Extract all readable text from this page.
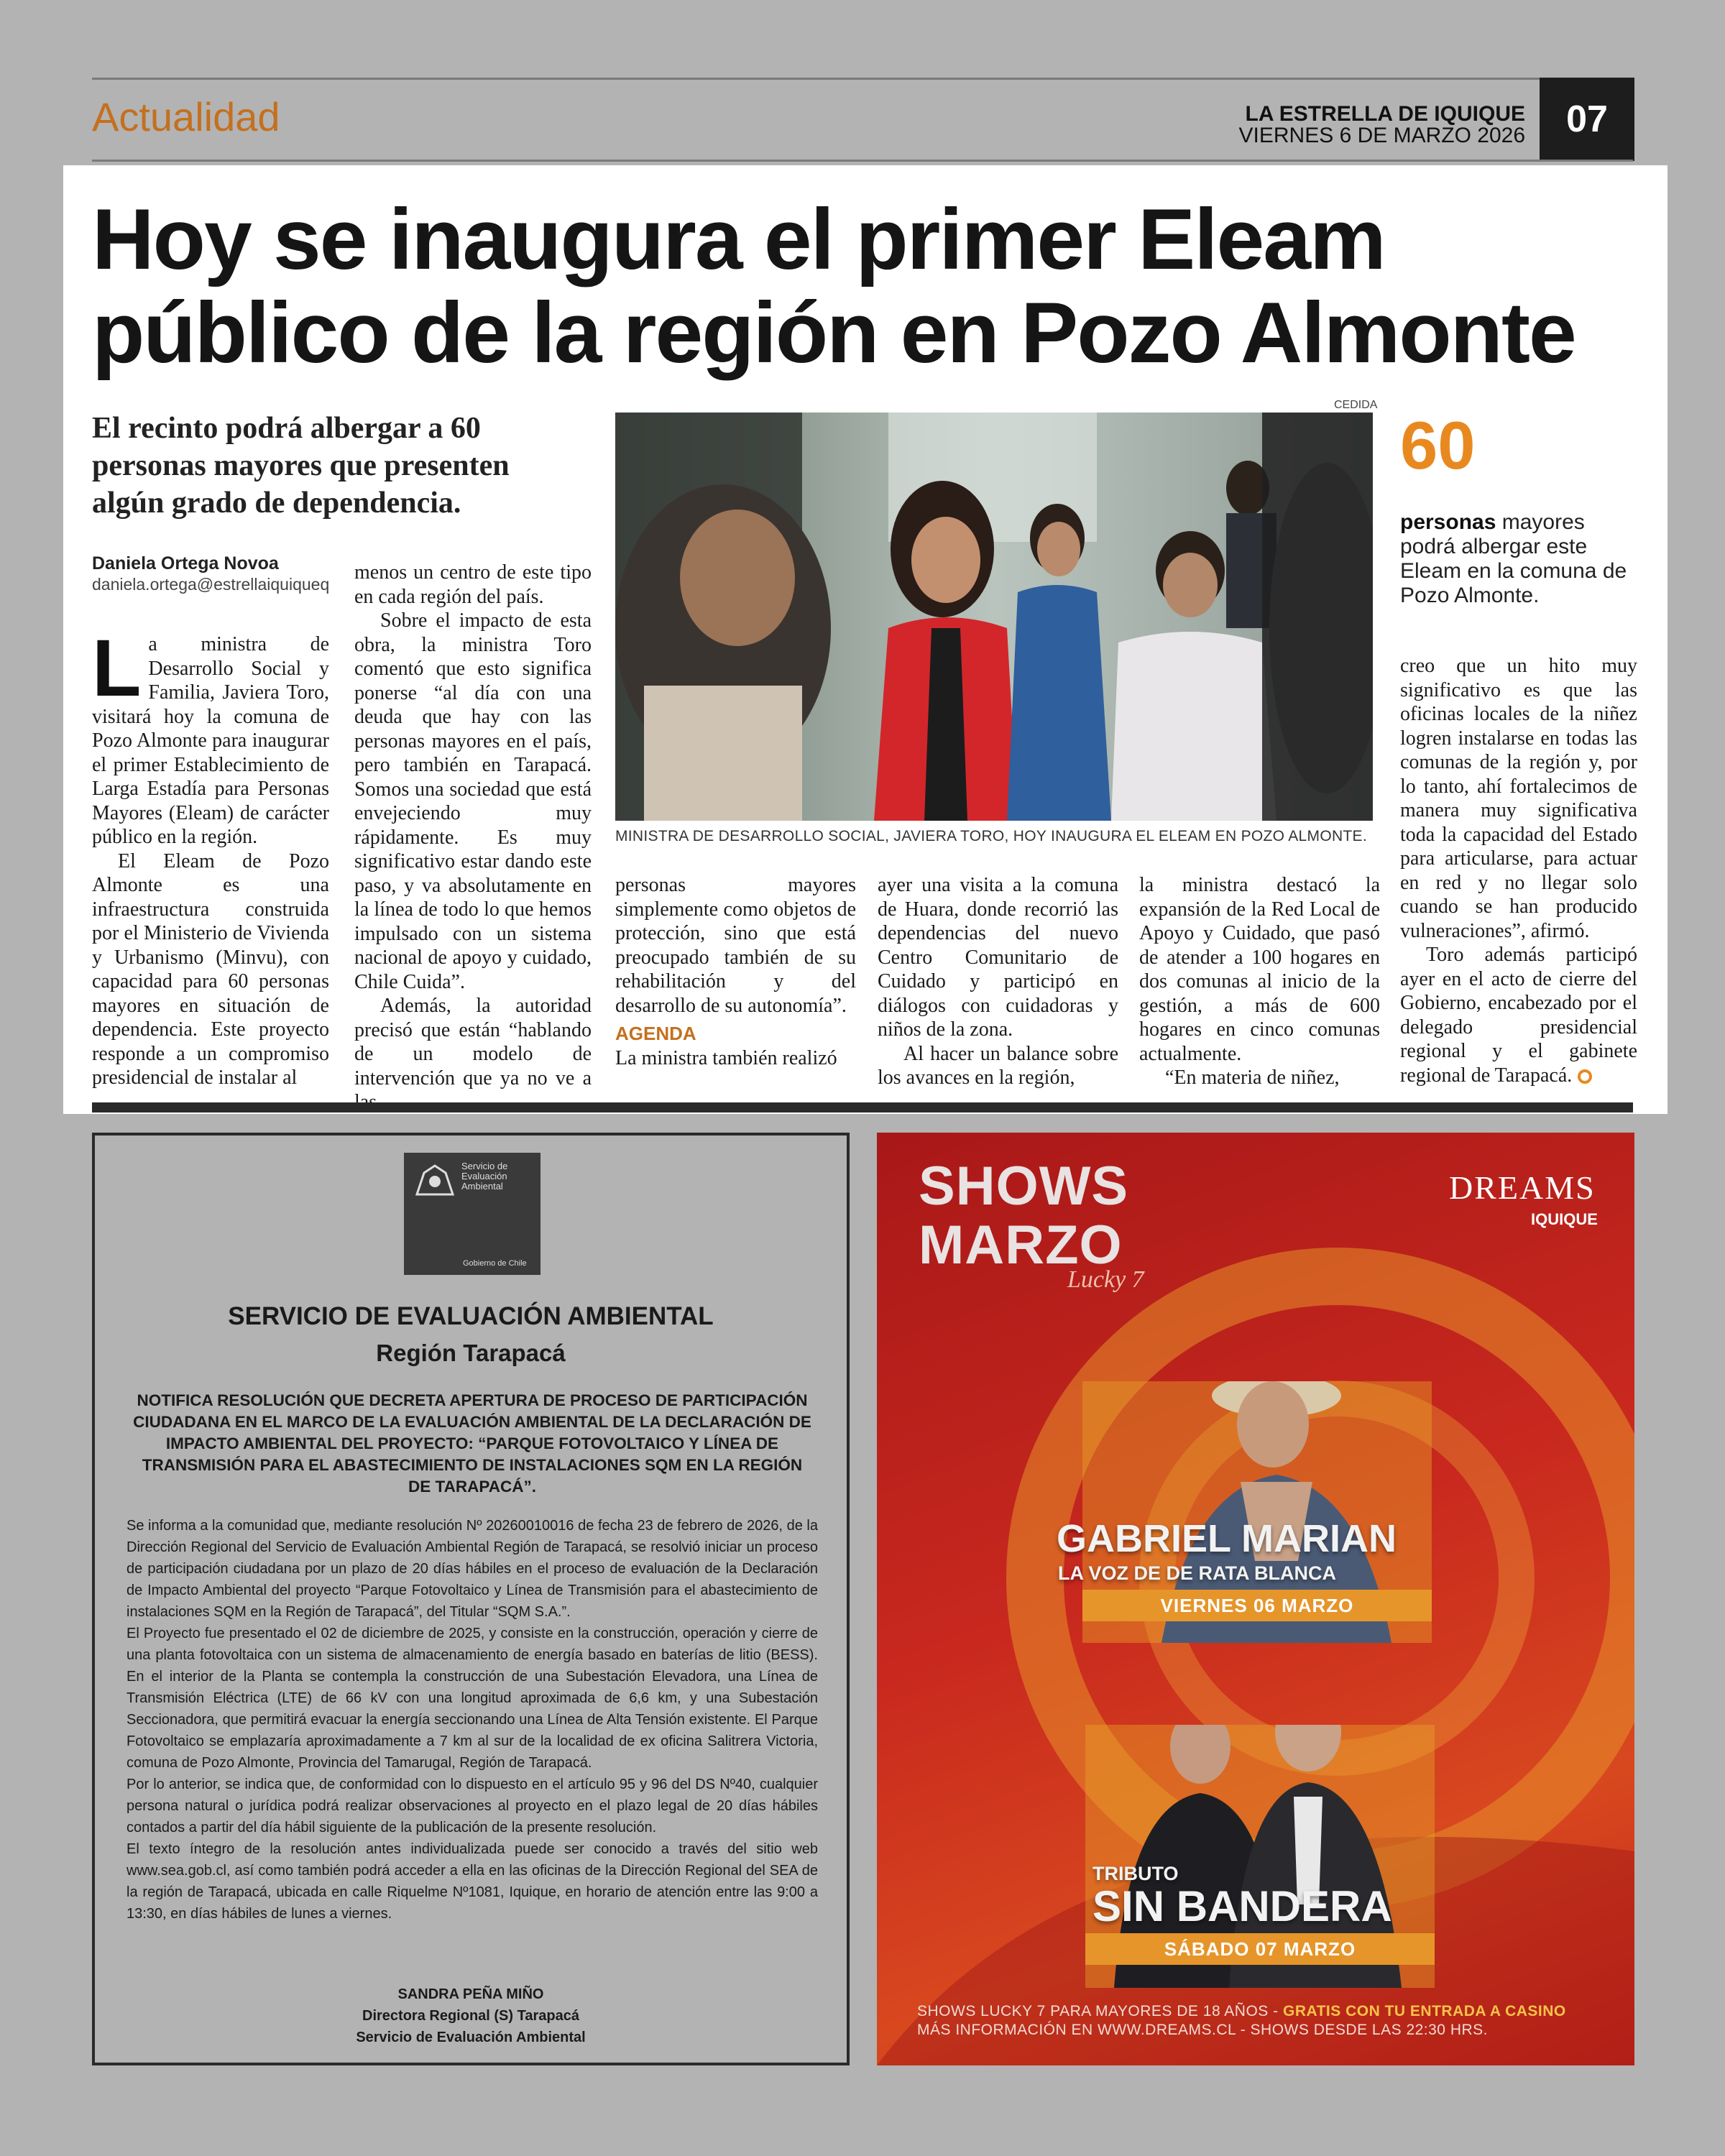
Actualidad	LA ESTRELLA DE IQUIQUE
VIERNES 6 DE MARZO 2026	07
Hoy se inaugura el primer Eleam
público de la región en Pozo Almonte
El recinto podrá albergar a 60 personas mayores que presenten algún grado de dependencia.
Daniela Ortega Novoa
daniela.ortega@estrellaiquiqueq

La ministra de Desarrollo Social y Familia, Javiera Toro, visitará hoy la comuna de Pozo Almonte para inaugurar el primer Establecimiento de Larga Estadía para Personas Mayores (Eleam) de carácter público en la región.

El Eleam de Pozo Almonte es una infraestructura construida por el Ministerio de Vivienda y Urbanismo (Minvu), con capacidad para 60 personas mayores en situación de dependencia. Este proyecto responde a un compromiso presidencial de instalar al

menos un centro de este tipo en cada región del país.

Sobre el impacto de esta obra, la ministra Toro comentó que esto significa ponerse “al día con una deuda que hay con las personas mayores en el país, pero también en Tarapacá. Somos una sociedad que está envejeciendo muy rápidamente. Es muy significativo estar dando este paso, y va absolutamente en la línea de todo lo que hemos impulsado con un sistema nacional de apoyo y cuidado, Chile Cuida”.

Además, la autoridad precisó que están “hablando de un modelo de intervención que ya no ve a

CEDIDA
MINISTRA DE DESARROLLO SOCIAL, JAVIERA TORO, HOY INAUGURA EL ELEAM EN POZO ALMONTE.

personas mayores simplemente como objetos de protección, sino que está preocupado también de su rehabilitación y del desarrollo de su autonomía”.

AGENDA

La ministra también realizó

ayer una visita a la comuna de Huara, donde recorrió las dependencias del nuevo Centro Comunitario de Cuidado y participó en diálogos con cuidadoras y niños de la zona.

Al hacer un balance sobre los avances en la región,

la ministra destacó la expansión de la Red Local de Apoyo y Cuidado, que pasó de atender a 100 hogares en dos comunas al inicio de la gestión, a más de 600 hogares en cinco comunas actualmente.

“En materia de niñez,

60
personas mayores podrá albergar este Eleam en la comuna de Pozo Almonte.

creo que un hito muy significativo es que las oficinas locales de la niñez logren instalarse en todas las comunas de la región y, por lo tanto, ahí fortalecimos de manera muy significativa toda la capacidad del Estado para articularse, para actuar en red y no llegar solo cuando se han producido vulneraciones”, afirmó.

Toro además participó ayer en el acto de cierre del Gobierno, encabezado por el delegado presidencial regional y el gabinete regional de Tarapacá.

Servicio de Evaluación Ambiental
Gobierno de Chile
SERVICIO DE EVALUACIÓN AMBIENTAL
Región Tarapacá
NOTIFICA RESOLUCIÓN QUE DECRETA APERTURA DE PROCESO DE PARTICIPACIÓN CIUDADANA EN EL MARCO DE LA EVALUACIÓN AMBIENTAL DE LA DECLARACIÓN DE IMPACTO AMBIENTAL DEL PROYECTO: “PARQUE FOTOVOLTAICO Y LÍNEA DE TRANSMISIÓN PARA EL ABASTECIMIENTO DE INSTALACIONES SQM EN LA REGIÓN DE TARAPACÁ”.

Se informa a la comunidad que, mediante resolución Nº 20260010016 de fecha 23 de febrero de 2026, de la Dirección Regional del Servicio de Evaluación Ambiental Región de Tarapacá, se resolvió iniciar un proceso de participación ciudadana por un plazo de 20 días hábiles en el proceso de evaluación de la Declaración de Impacto Ambiental del proyecto “Parque Fotovoltaico y Línea de Transmisión para el abastecimiento de instalaciones SQM en la Región de Tarapacá”, del Titular “SQM S.A.”.

El Proyecto fue presentado el 02 de diciembre de 2025, y consiste en la construcción, operación y cierre de una planta fotovoltaica con un sistema de almacenamiento de energía basado en baterías de litio (BESS). En el interior de la Planta se contempla la construcción de una Subestación Elevadora, una Línea de Transmisión Eléctrica (LTE) de 66 kV con una longitud aproximada de 6,6 km, y una Subestación Seccionadora, que permitirá evacuar la energía seccionando una Línea de Alta Tensión existente. El Parque Fotovoltaico se emplazaría aproximadamente a 7 km al sur de la localidad de ex oficina Salitrera Victoria, comuna de Pozo Almonte, Provincia del Tamarugal, Región de Tarapacá.

Por lo anterior, se indica que, de conformidad con lo dispuesto en el artículo 95 y 96 del DS Nº40, cualquier persona natural o jurídica podrá realizar observaciones al proyecto en el plazo legal de 20 días hábiles contados a partir del día hábil siguiente de la publicación de la presente resolución.

El texto íntegro de la resolución antes individualizada puede ser conocido a través del sitio web www.sea.gob.cl, así como también podrá acceder a ella en las oficinas de la Dirección Regional del SEA de la región de Tarapacá, ubicada en calle Riquelme Nº1081, Iquique, en horario de atención entre las 9:00 a 13:30, en días hábiles de lunes a viernes.

SANDRA PEÑA MIÑO
Directora Regional (S) Tarapacá
Servicio de Evaluación Ambiental
SHOWS
MARZO
Lucky 7
DREAMS
IQUIQUE
GABRIEL MARIAN
LA VOZ DE DE RATA BLANCA
VIERNES 06 MARZO
TRIBUTO
SIN BANDERA
SÁBADO 07 MARZO
SHOWS LUCKY 7 PARA MAYORES DE 18 AÑOS - GRATIS CON TU ENTRADA A CASINO
MÁS INFORMACIÓN EN WWW.DREAMS.CL - SHOWS DESDE LAS 22:30 HRS.
